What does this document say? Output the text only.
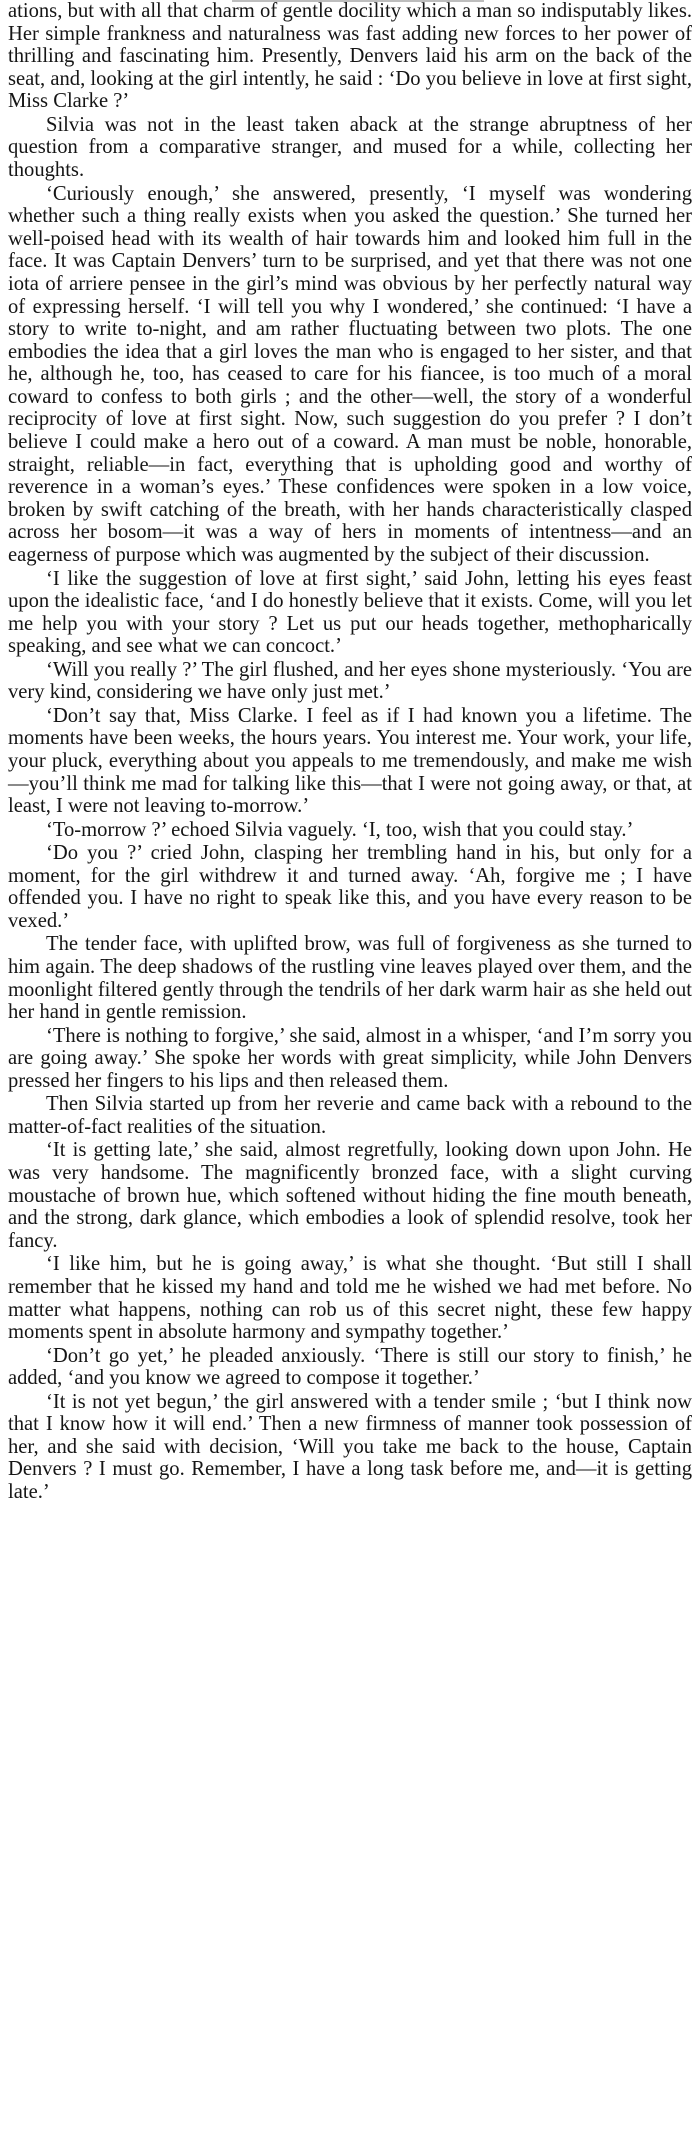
ations, but with all that charm of gentle docility which a man so indisputably likes. Her simple frankness and naturalness was fast adding new forces to her power of thrilling and fascinating him. Presently, Denvers laid his arm on the back of the seat, and, looking at the girl intently, he said : ‘Do you believe in love at first sight, Miss Clarke ?’

Silvia was not in the least taken aback at the strange abruptness of her question from a comparative stranger, and mused for a while, collecting her thoughts.

‘Curiously enough,’ she answered, presently, ‘I myself was wondering whether such a thing really exists when you asked the question.’ She turned her well-poised head with its wealth of hair towards him and looked him full in the face. It was Captain Denvers’ turn to be surprised, and yet that there was not one iota of arriere pensee in the girl’s mind was obvious by her perfectly natural way of expressing herself. ‘I will tell you why I wondered,’ she continued: ‘I have a story to write to-night, and am rather fluctuating between two plots. The one embodies the idea that a girl loves the man who is engaged to her sister, and that he, although he, too, has ceased to care for his fiancee, is too much of a moral coward to confess to both girls ; and the other—well, the story of a wonderful reciprocity of love at first sight. Now, such suggestion do you prefer ? I don’t believe I could make a hero out of a coward. A man must be noble, honorable, straight, reliable—in fact, everything that is upholding good and worthy of reverence in a woman’s eyes.’ These confidences were spoken in a low voice, broken by swift catching of the breath, with her hands characteristically clasped across her bosom—it was a way of hers in moments of intentness—and an eagerness of purpose which was augmented by the subject of their discussion.

‘I like the suggestion of love at first sight,’ said John, letting his eyes feast upon the idealistic face, ‘and I do honestly believe that it exists. Come, will you let me help you with your story ? Let us put our heads together, methopharically speaking, and see what we can concoct.’

‘Will you really ?’ The girl flushed, and her eyes shone mysteriously. ‘You are very kind, considering we have only just met.’

‘Don’t say that, Miss Clarke. I feel as if I had known you a lifetime. The moments have been weeks, the hours years. You interest me. Your work, your life, your pluck, everything about you appeals to me tremendously, and make me wish—you’ll think me mad for talking like this—that I were not going away, or that, at least, I were not leaving to-morrow.’

‘To-morrow ?’ echoed Silvia vaguely. ‘I, too, wish that you could stay.’

‘Do you ?’ cried John, clasping her trembling hand in his, but only for a moment, for the girl withdrew it and turned away. ‘Ah, forgive me ; I have offended you. I have no right to speak like this, and you have every reason to be vexed.’

The tender face, with uplifted brow, was full of forgiveness as she turned to him again. The deep shadows of the rustling vine leaves played over them, and the moonlight filtered gently through the tendrils of her dark warm hair as she held out her hand in gentle remission.

‘There is nothing to forgive,’ she said, almost in a whisper, ‘and I’m sorry you are going away.’ She spoke her words with great simplicity, while John Denvers pressed her fingers to his lips and then released them.

Then Silvia started up from her reverie and came back with a rebound to the matter-of-fact realities of the situation.

‘It is getting late,’ she said, almost regretfully, looking down upon John. He was very handsome. The magnificently bronzed face, with a slight curving moustache of brown hue, which softened without hiding the fine mouth beneath, and the strong, dark glance, which embodies a look of splendid resolve, took her fancy.

‘I like him, but he is going away,’ is what she thought. ‘But still I shall remember that he kissed my hand and told me he wished we had met before. No matter what happens, nothing can rob us of this secret night, these few happy moments spent in absolute harmony and sympathy together.’

‘Don’t go yet,’ he pleaded anxiously. ‘There is still our story to finish,’ he added, ‘and you know we agreed to compose it together.’

‘It is not yet begun,’ the girl answered with a tender smile ; ‘but I think now that I know how it will end.’ Then a new firmness of manner took possession of her, and she said with decision, ‘Will you take me back to the house, Captain Denvers ? I must go. Remember, I have a long task before me, and—it is getting late.’
